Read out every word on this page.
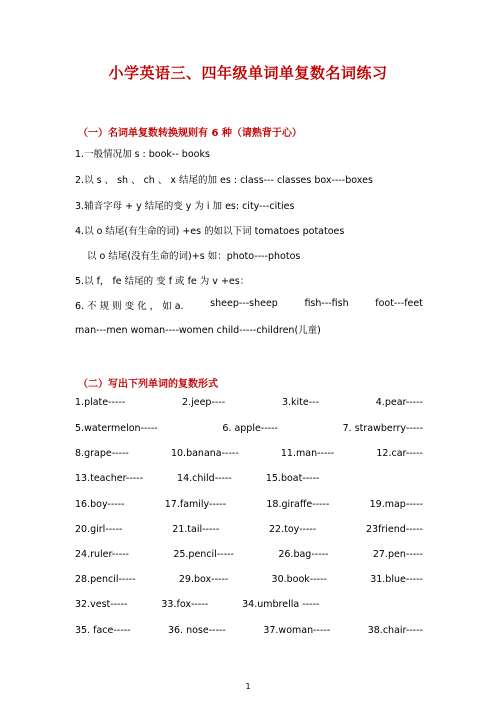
小学英语三、四年级单词单复数名词练习
（一）名词单复数转换规则有 6 种（请熟背于心）
1.一般情况加 s : book-- books
2.以 s 、 sh 、 ch 、 x 结尾的加 es : class--- classes box----boxes
3.辅音字母 + y 结尾的变 y 为 i 加 es: city---cities
4.以 o 结尾(有生命的词) +es 的如以下词 tomatoes potatoes
以 o 结尾(没有生命的词)+s 如：photo----photos
5.以 f， fe 结尾的 变 f 或 fe 为 v +es：
6. 不 规 则 变 化 ， 如 a.	sheep---sheep	fish---fish	foot---feet
man---men woman----women child-----children(儿童)
（二）写出下列单词的复数形式
1.plate-----	2.jeep----	3.kite---	4.pear-----
5.watermelon-----	6. apple-----	7. strawberry-----
8.grape-----	10.banana-----	11.man-----	12.car-----
13.teacher-----	14.child-----	15.boat-----
16.boy-----	17.family-----	18.giraffe-----	19.map-----
20.girl-----	21.tail-----	22.toy-----	23friend-----
24.ruler-----	25.pencil-----	26.bag-----	27.pen-----
28.pencil-----	29.box-----	30.book-----	31.blue-----
32.vest-----	33.fox-----	34.umbrella -----
35. face-----	36. nose-----	37.woman-----	38.chair-----
1
